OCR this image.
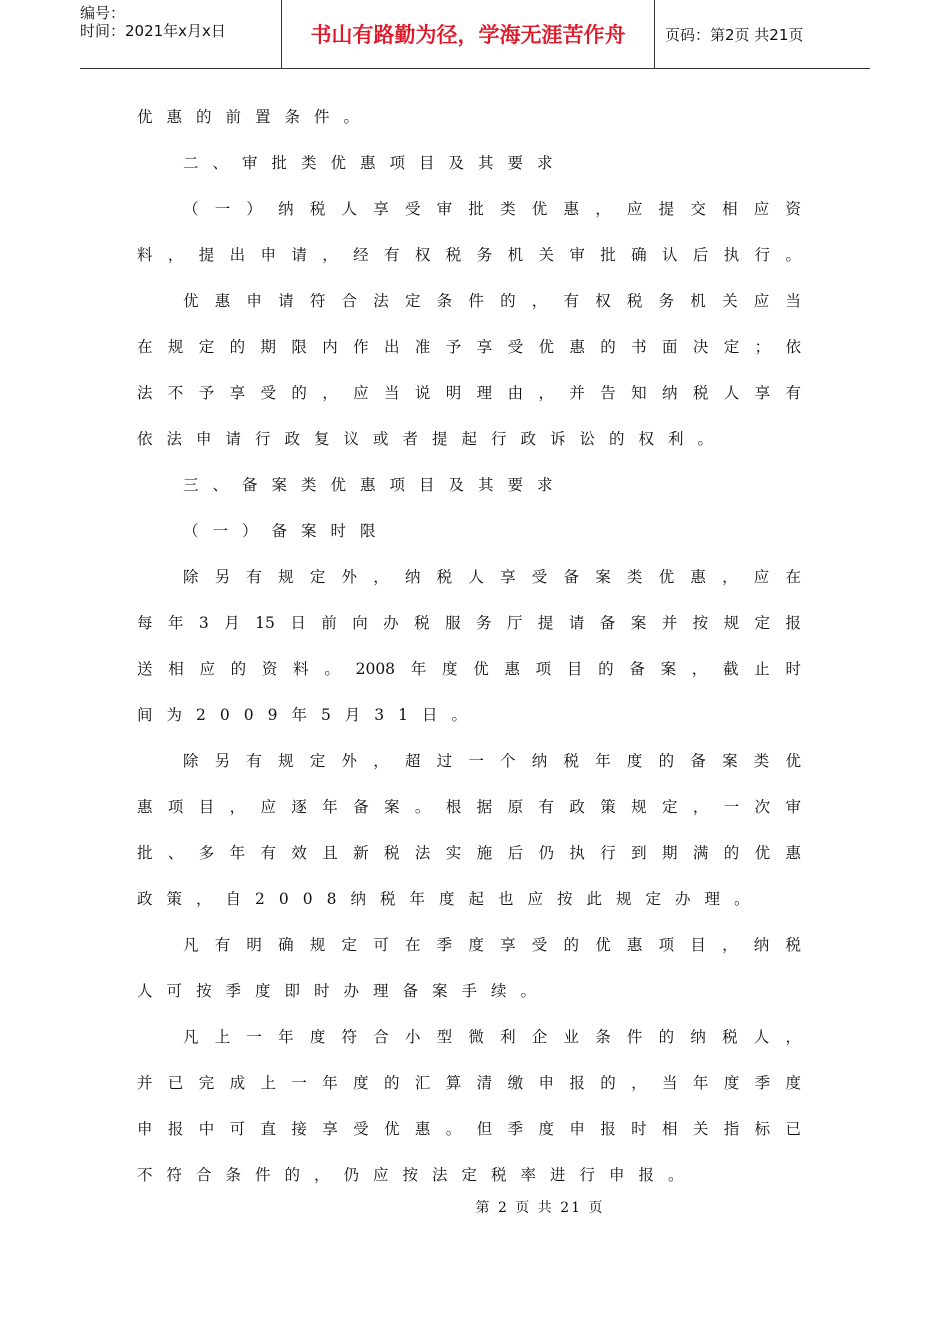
编号：
时间：2021年x月x日	书山有路勤为径，学海无涯苦作舟	页码：第2页 共21页
优惠的前置条件。
二、审批类优惠项目及其要求
（一）纳税人享受审批类优惠，应提交相应资
料，提出申请，经有权税务机关审批确认后执行。
优惠申请符合法定条件的，有权税务机关应当
在规定的期限内作出准予享受优惠的书面决定；依
法不予享受的，应当说明理由，并告知纳税人享有
依法申请行政复议或者提起行政诉讼的权利。
三、备案类优惠项目及其要求
（一）备案时限
除另有规定外，纳税人享受备案类优惠，应在
每年3月15日前向办税服务厅提请备案并按规定报
送相应的资料。2008年度优惠项目的备案，截止时
间为2009年5月31日。
除另有规定外，超过一个纳税年度的备案类优
惠项目，应逐年备案。根据原有政策规定，一次审
批、多年有效且新税法实施后仍执行到期满的优惠
政策，自2008纳税年度起也应按此规定办理。
凡有明确规定可在季度享受的优惠项目，纳税
人可按季度即时办理备案手续。
凡上一年度符合小型微利企业条件的纳税人，
并已完成上一年度的汇算清缴申报的，当年度季度
申报中可直接享受优惠。但季度申报时相关指标已
不符合条件的，仍应按法定税率进行申报。
第 2 页 共 21 页
